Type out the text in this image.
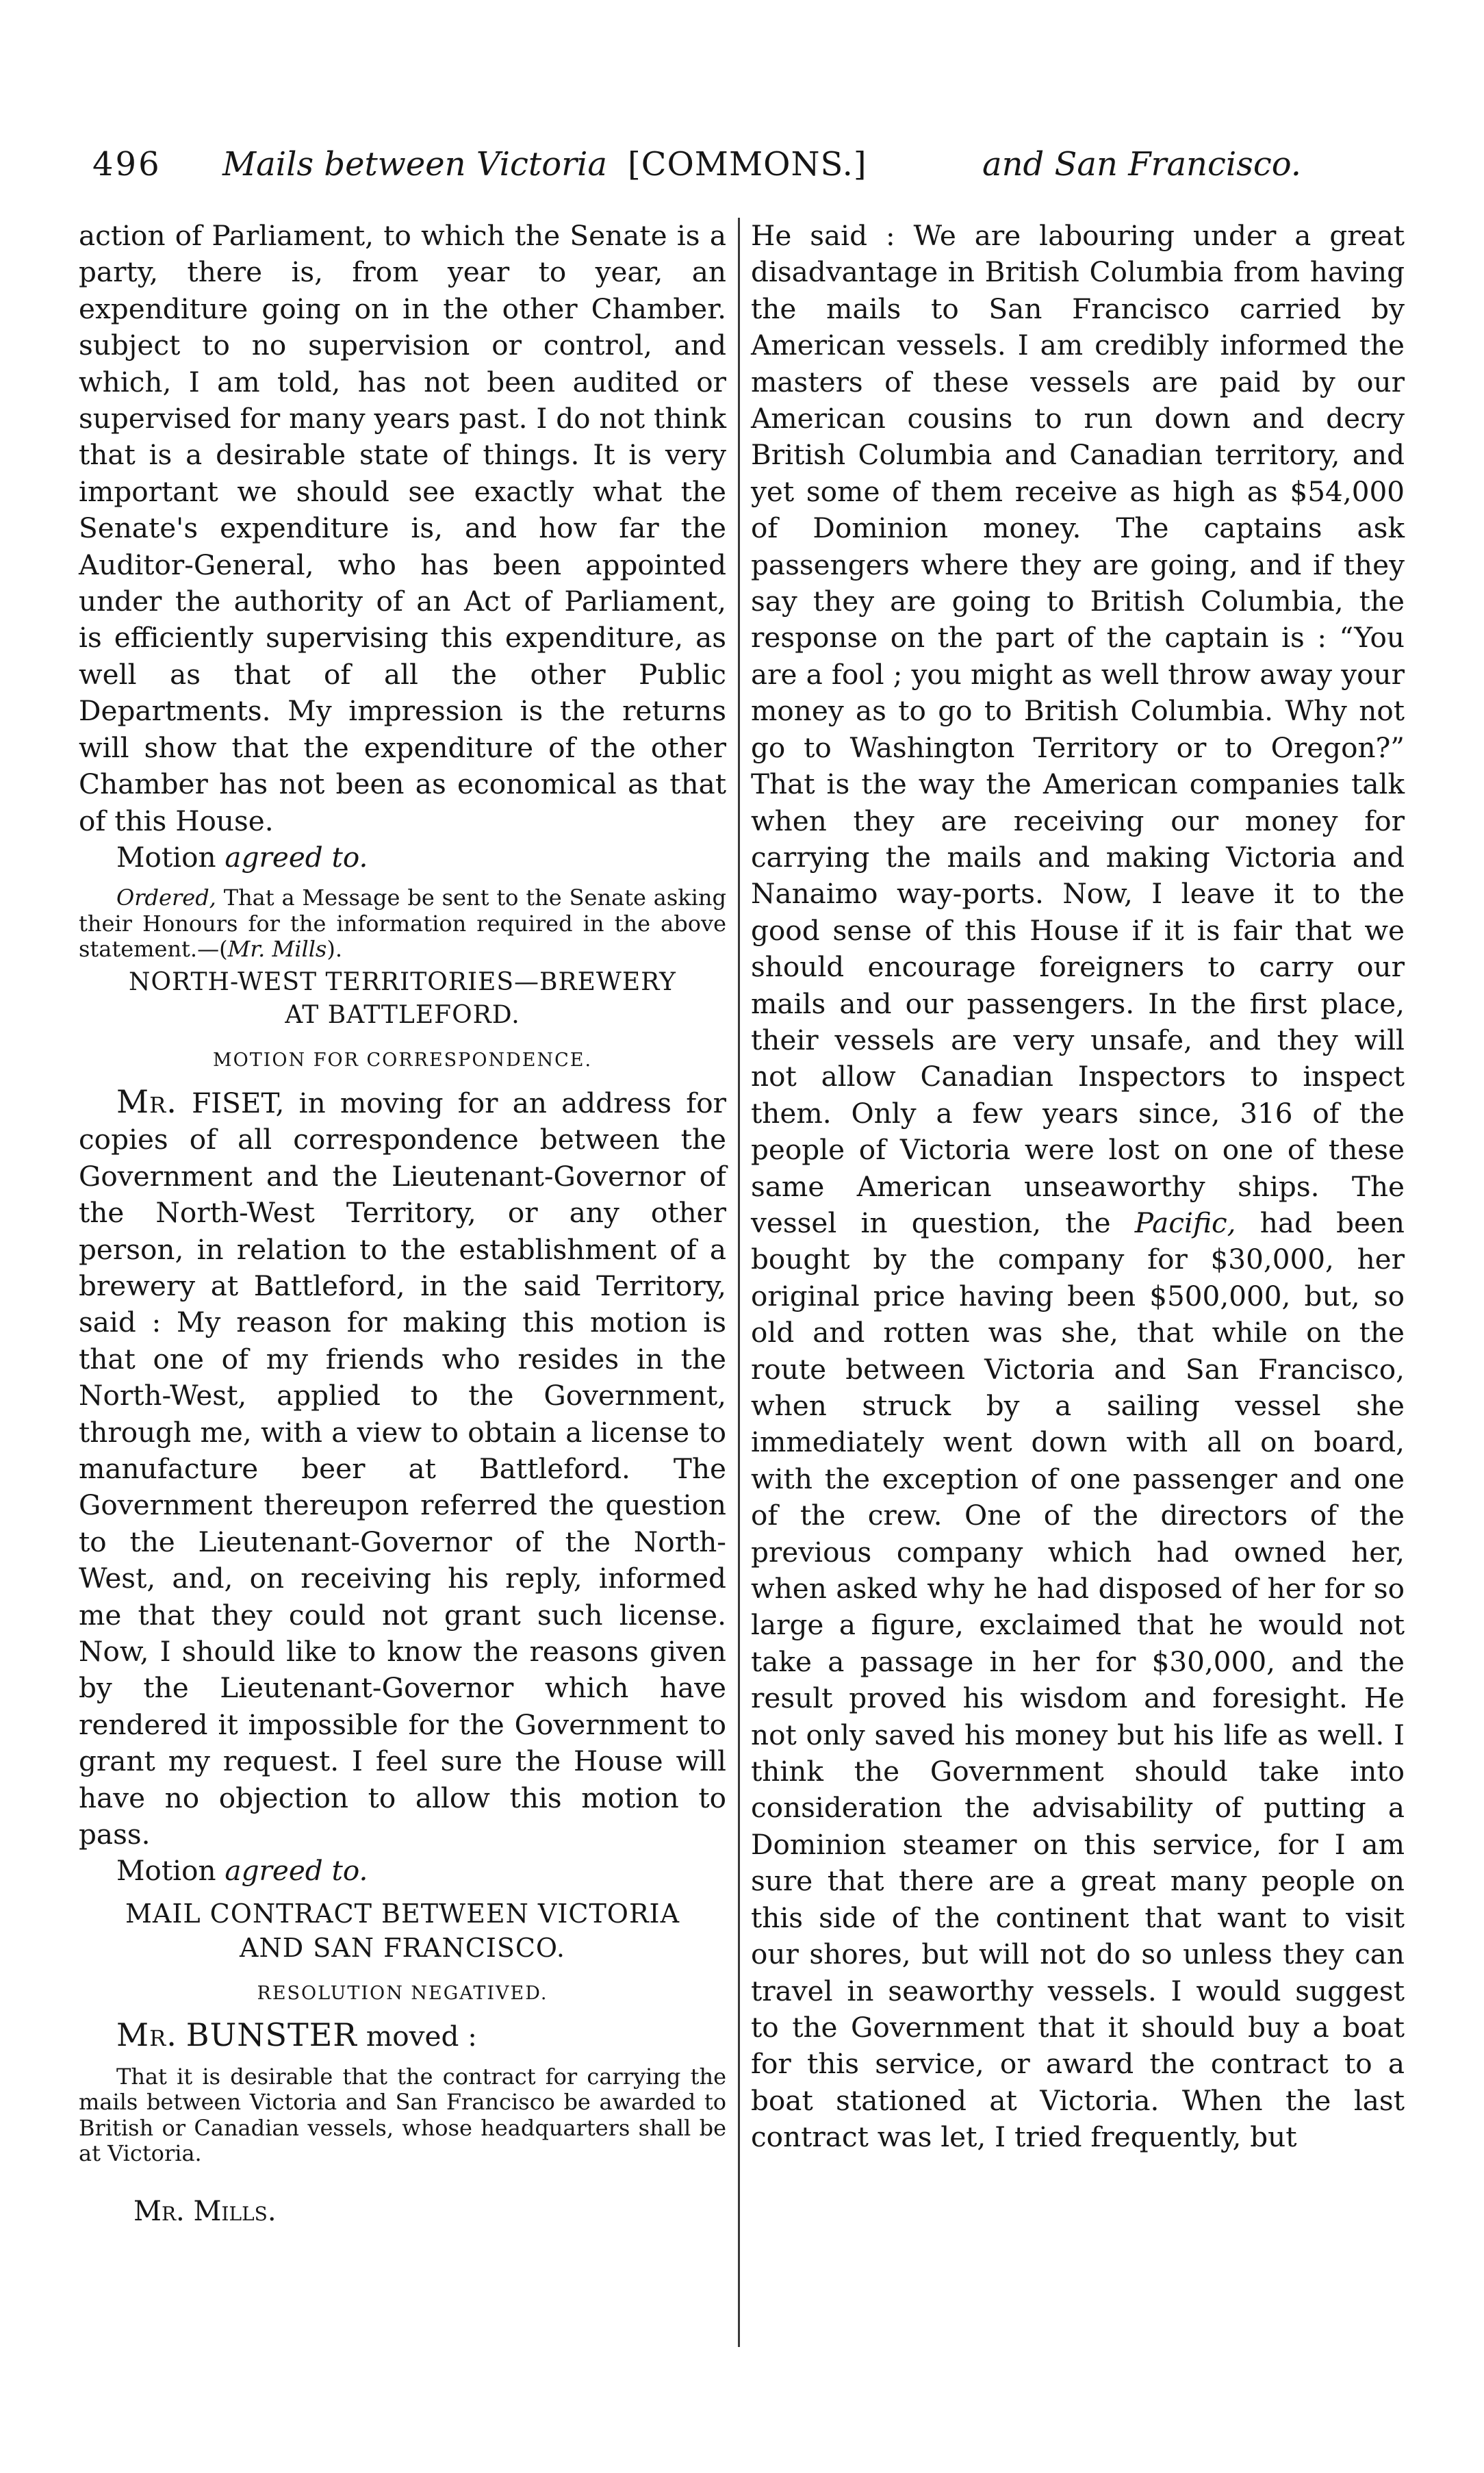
496 Mails between Victoria [COMMONS.]	and San Francisco.

action of Parliament, to which the Senate is a party, there is, from year to year, an expenditure going on in the other Chamber. subject to no supervision or control, and which, I am told, has not been audited or supervised for many years past. I do not think that is a desirable state of things. It is very important we should see exactly what the Senate's expenditure is, and how far the Auditor-General, who has been appointed under the authority of an Act of Parliament, is efficiently supervising this expenditure, as well as that of all the other Public Departments. My impression is the returns will show that the expenditure of the other Chamber has not been as economical as that of this House.

Motion agreed to.

Ordered, That a Message be sent to the Senate asking their Honours for the information required in the above statement.—(Mr. Mills).

NORTH-WEST TERRITORIES—BREWERY
AT BATTLEFORD.
MOTION FOR CORRESPONDENCE.

Mr. FISET, in moving for an address for copies of all correspondence between the Government and the Lieutenant-Governor of the North-West Territory, or any other person, in relation to the establishment of a brewery at Battleford, in the said Territory, said : My reason for making this motion is that one of my friends who resides in the North-West, applied to the Government, through me, with a view to obtain a license to manufacture beer at Battleford. The Government thereupon referred the question to the Lieutenant-Governor of the North-West, and, on receiving his reply, informed me that they could not grant such license. Now, I should like to know the reasons given by the Lieutenant-Governor which have rendered it impossible for the Government to grant my request. I feel sure the House will have no objection to allow this motion to pass.

Motion agreed to.

MAIL CONTRACT BETWEEN VICTORIA
AND SAN FRANCISCO.
RESOLUTION NEGATIVED.

Mr. BUNSTER moved :

That it is desirable that the contract for carrying the mails between Victoria and San Francisco be awarded to British or Canadian vessels, whose headquarters shall be at Victoria.

Mr. Mills.

He said : We are labouring under a great disadvantage in British Columbia from having the mails to San Francisco carried by American vessels. I am credibly informed the masters of these vessels are paid by our American cousins to run down and decry British Columbia and Canadian territory, and yet some of them receive as high as $54,000 of Dominion money. The captains ask passengers where they are going, and if they say they are going to British Columbia, the response on the part of the captain is : “You are a fool ; you might as well throw away your money as to go to British Columbia. Why not go to Washington Territory or to Oregon?” That is the way the American companies talk when they are receiving our money for carrying the mails and making Victoria and Nanaimo way-ports. Now, I leave it to the good sense of this House if it is fair that we should encourage foreigners to carry our mails and our passengers. In the first place, their vessels are very unsafe, and they will not allow Canadian Inspectors to inspect them. Only a few years since, 316 of the people of Victoria were lost on one of these same American unseaworthy ships. The vessel in question, the Pacific, had been bought by the company for $30,000, her original price having been $500,000, but, so old and rotten was she, that while on the route between Victoria and San Francisco, when struck by a sailing vessel she immediately went down with all on board, with the exception of one passenger and one of the crew. One of the directors of the previous company which had owned her, when asked why he had disposed of her for so large a figure, exclaimed that he would not take a passage in her for $30,000, and the result proved his wisdom and foresight. He not only saved his money but his life as well. I think the Government should take into consideration the advisability of putting a Dominion steamer on this service, for I am sure that there are a great many people on this side of the continent that want to visit our shores, but will not do so unless they can travel in seaworthy vessels. I would suggest to the Government that it should buy a boat for this service, or award the contract to a boat stationed at Victoria. When the last contract was let, I tried frequently, but
